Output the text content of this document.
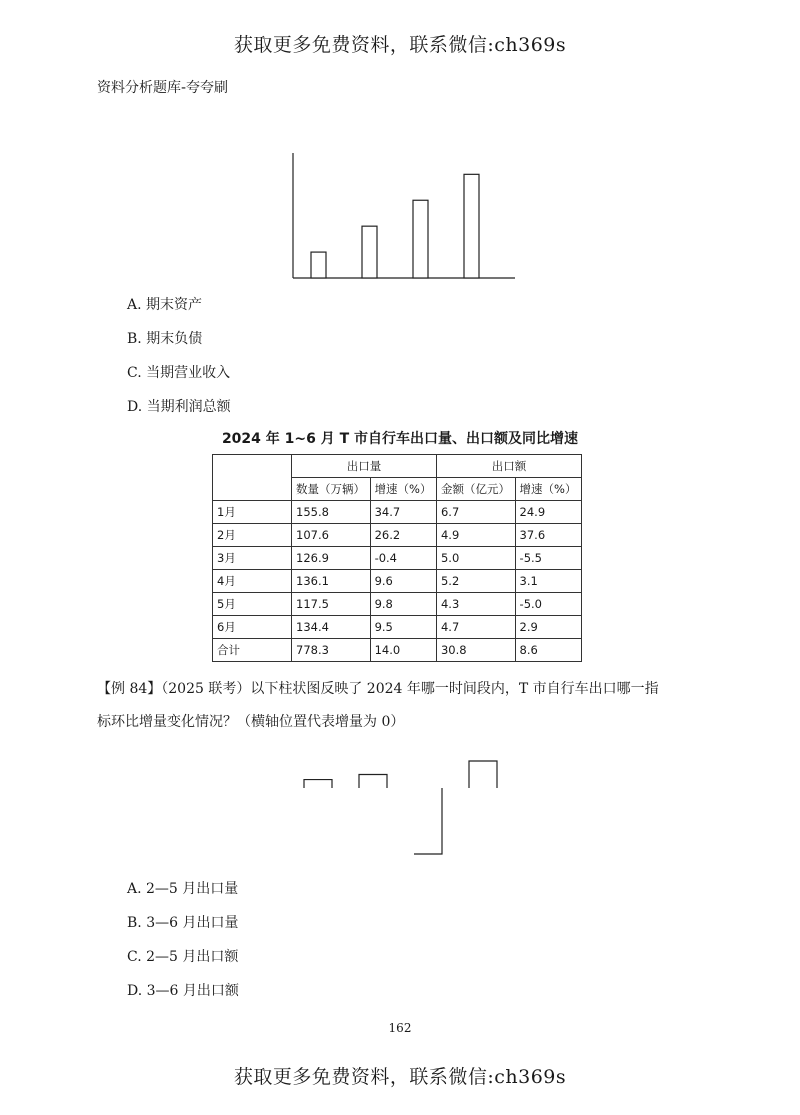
获取更多免费资料，联系微信:ch369s
资料分析题库-夸夸刷
A. 期末资产
B. 期末负债
C. 当期营业收入
D. 当期利润总额
2024 年 1~6 月 T 市自行车出口量、出口额及同比增速
	出口量		出口额	
	数量（万辆）	增速（%）	金额（亿元）	增速（%）
1月	155.8	34.7	6.7	24.9
2月	107.6	26.2	4.9	37.6
3月	126.9	-0.4	5.0	-5.5
4月	136.1	9.6	5.2	3.1
5月	117.5	9.8	4.3	-5.0
6月	134.4	9.5	4.7	2.9
合计	778.3	14.0	30.8	8.6
【例 84】（2025 联考）以下柱状图反映了 2024 年哪一时间段内，T 市自行车出口哪一指
标环比增量变化情况？（横轴位置代表增量为 0）
A. 2—5 月出口量
B. 3—6 月出口量
C. 2—5 月出口额
D. 3—6 月出口额
162
获取更多免费资料，联系微信:ch369s
